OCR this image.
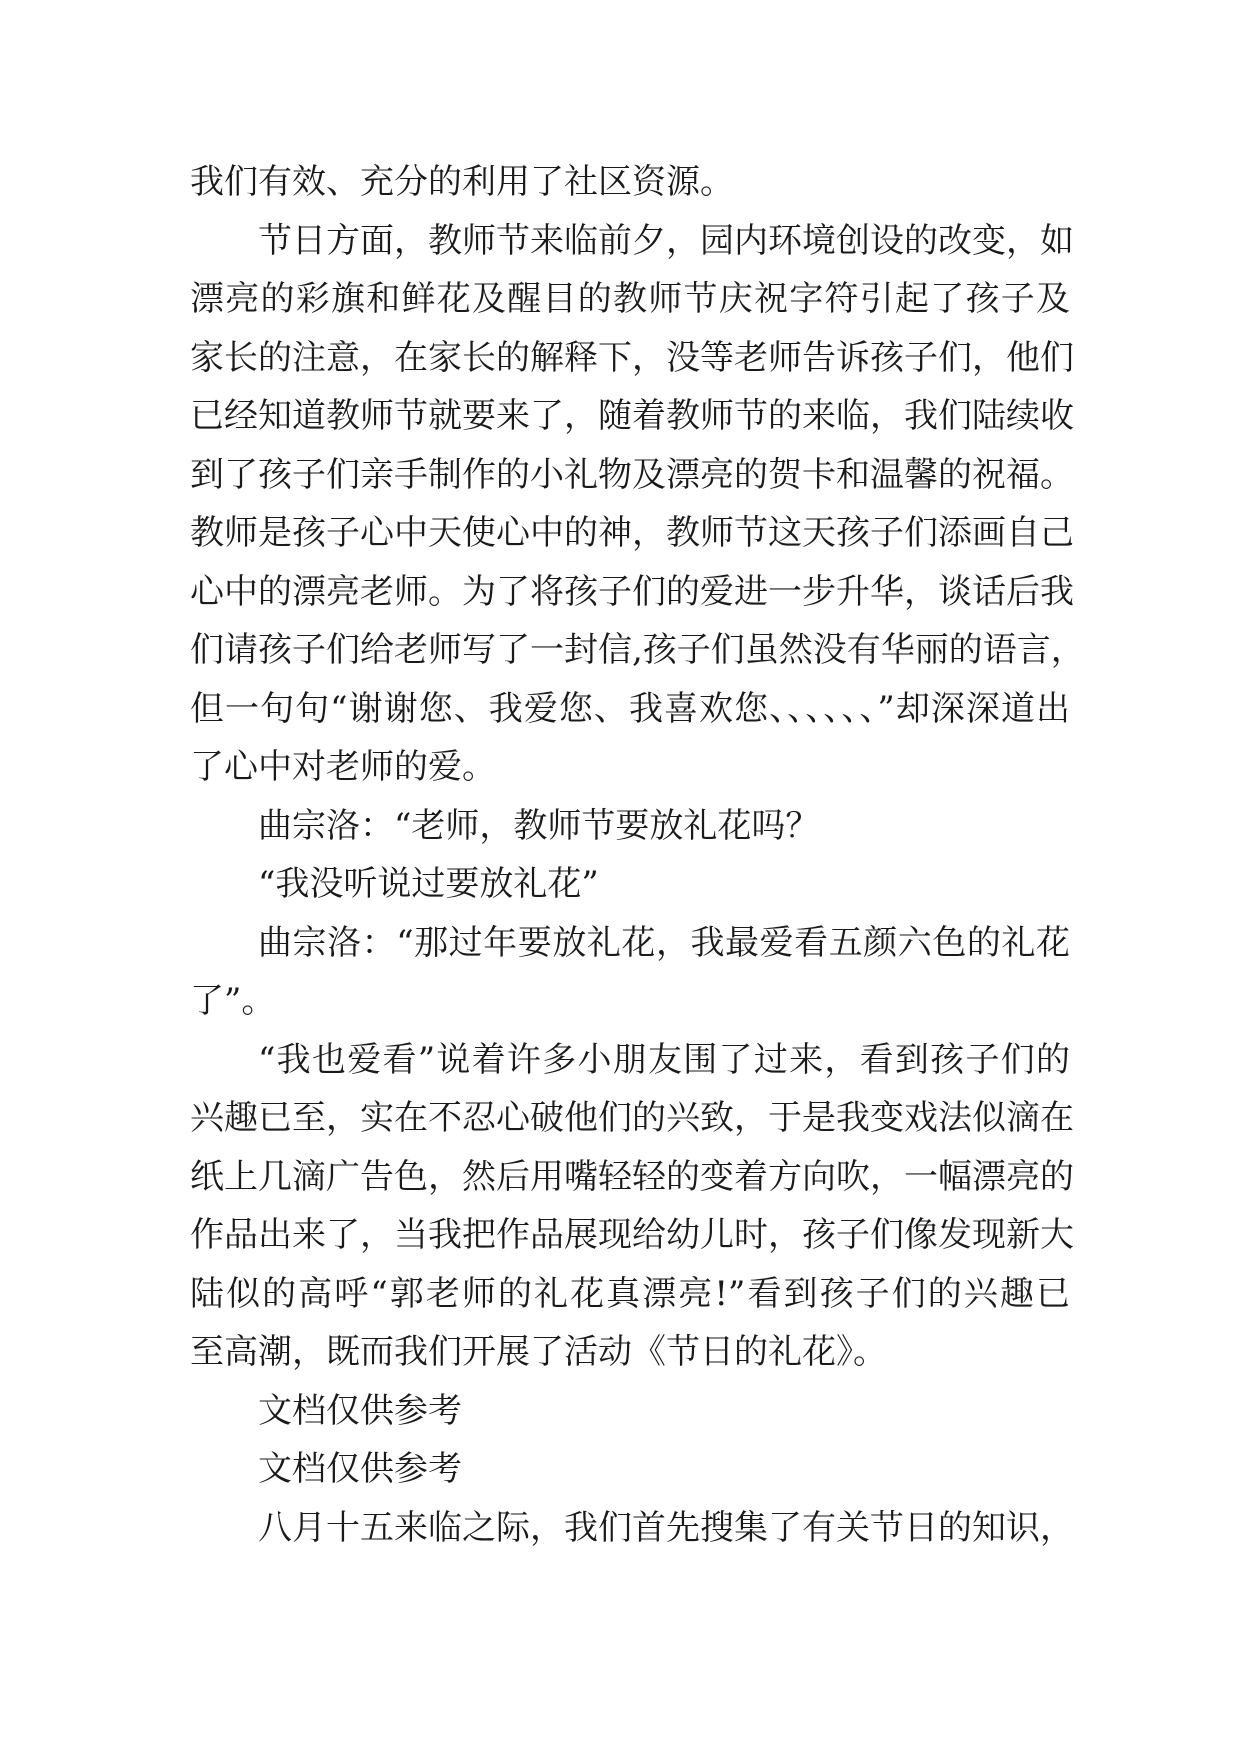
我们有效、充分的利用了社区资源。
节日方面，教师节来临前夕，园内环境创设的改变，如
漂亮的彩旗和鲜花及醒目的教师节庆祝字符引起了孩子及
家长的注意，在家长的解释下，没等老师告诉孩子们，他们
已经知道教师节就要来了，随着教师节的来临，我们陆续收
到了孩子们亲手制作的小礼物及漂亮的贺卡和温馨的祝福。
教师是孩子心中天使心中的神，教师节这天孩子们添画自己
心中的漂亮老师。为了将孩子们的爱进一步升华，谈话后我
们请孩子们给老师写了一封信,孩子们虽然没有华丽的语言，
但一句句“谢谢您、我爱您、我喜欢您、、、、、、”却深深道出
了心中对老师的爱。
曲宗洛：“老师，教师节要放礼花吗？
“我没听说过要放礼花”
曲宗洛：“那过年要放礼花，我最爱看五颜六色的礼花
了”。
“我也爱看”说着许多小朋友围了过来，看到孩子们的
兴趣已至，实在不忍心破他们的兴致，于是我变戏法似滴在
纸上几滴广告色，然后用嘴轻轻的变着方向吹，一幅漂亮的
作品出来了，当我把作品展现给幼儿时，孩子们像发现新大
陆似的高呼“郭老师的礼花真漂亮!”看到孩子们的兴趣已
至高潮，既而我们开展了活动《节日的礼花》。
文档仅供参考
文档仅供参考
八月十五来临之际，我们首先搜集了有关节日的知识，
